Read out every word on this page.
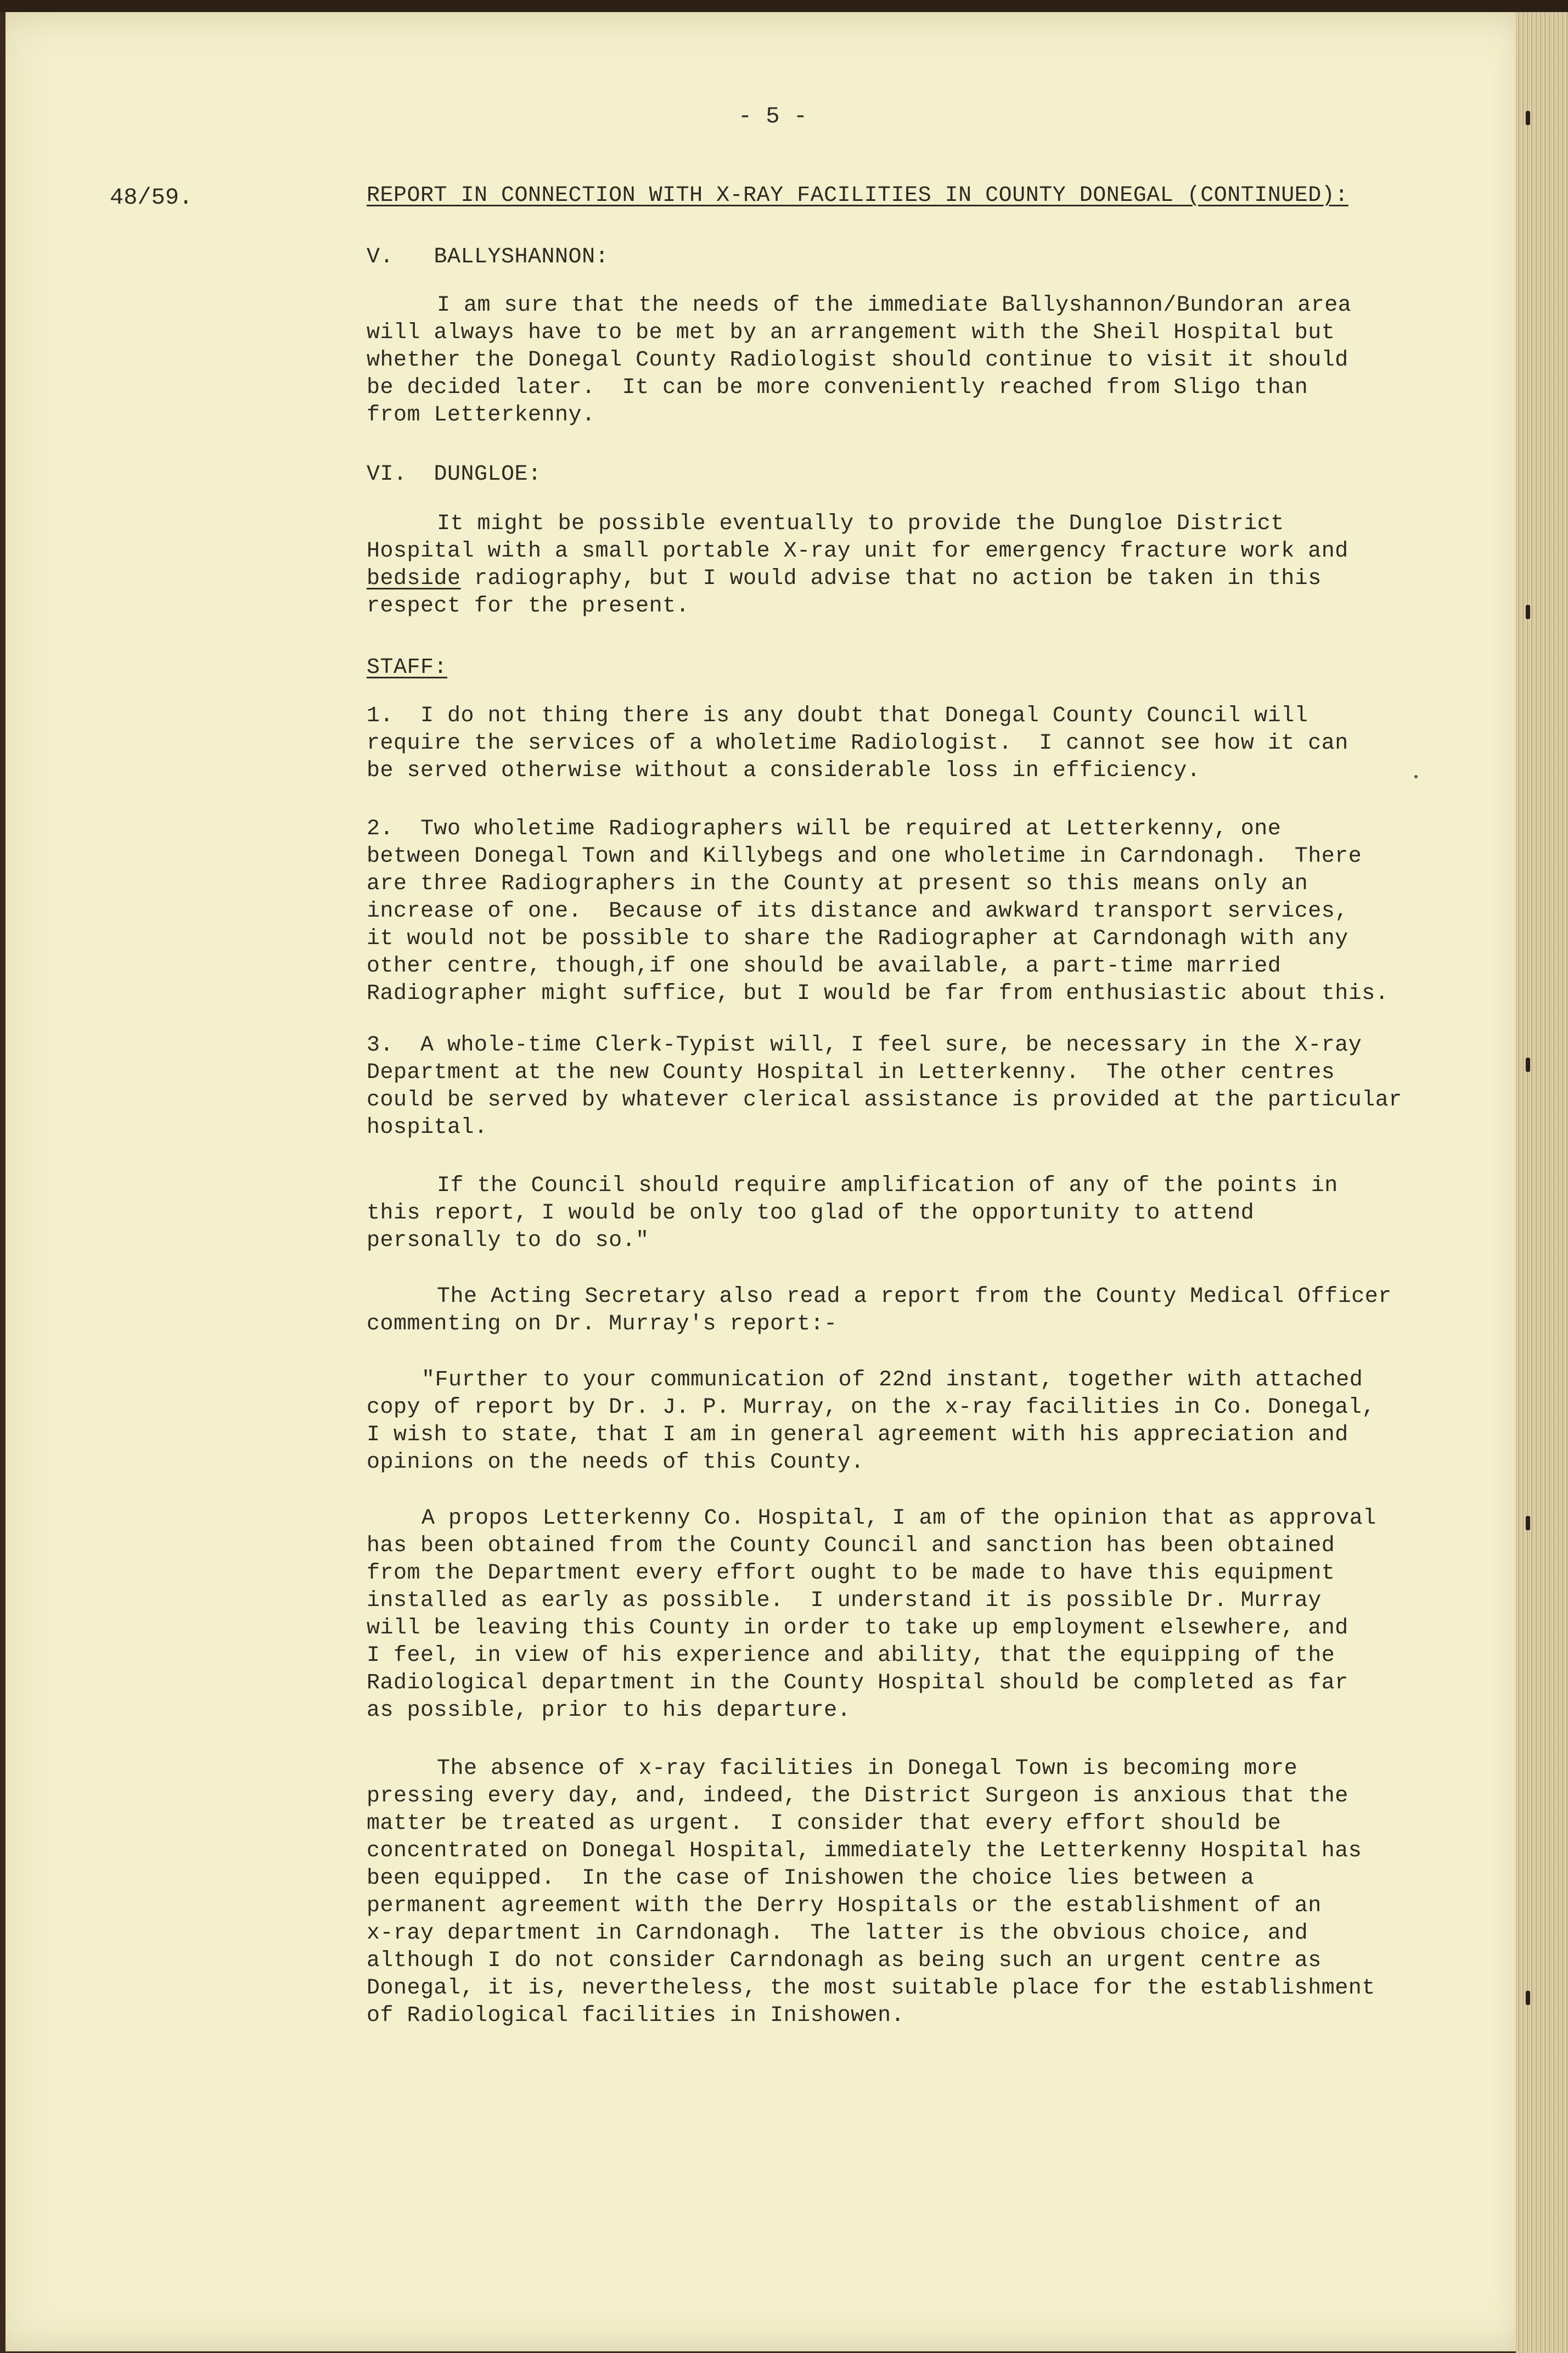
- 5 -
48/59.	REPORT IN CONNECTION WITH X-RAY FACILITIES IN COUNTY DONEGAL (CONTINUED):
V.   BALLYSHANNON:
I am sure that the needs of the immediate Ballyshannon/Bundoran area
will always have to be met by an arrangement with the Sheil Hospital but
whether the Donegal County Radiologist should continue to visit it should
be decided later.  It can be more conveniently reached from Sligo than
from Letterkenny.
VI.  DUNGLOE:
It might be possible eventually to provide the Dungloe District
Hospital with a small portable X-ray unit for emergency fracture work and
bedside radiography, but I would advise that no action be taken in this
respect for the present.
STAFF:
1.  I do not thing there is any doubt that Donegal County Council will
require the services of a wholetime Radiologist.  I cannot see how it can
be served otherwise without a considerable loss in efficiency.
2.  Two wholetime Radiographers will be required at Letterkenny, one
between Donegal Town and Killybegs and one wholetime in Carndonagh.  There
are three Radiographers in the County at present so this means only an
increase of one.  Because of its distance and awkward transport services,
it would not be possible to share the Radiographer at Carndonagh with any
other centre, though,if one should be available, a part-time married
Radiographer might suffice, but I would be far from enthusiastic about this.
3.  A whole-time Clerk-Typist will, I feel sure, be necessary in the X-ray
Department at the new County Hospital in Letterkenny.  The other centres
could be served by whatever clerical assistance is provided at the particular
hospital.
If the Council should require amplification of any of the points in
this report, I would be only too glad of the opportunity to attend
personally to do so."
The Acting Secretary also read a report from the County Medical Officer
commenting on Dr. Murray's report:-
"Further to your communication of 22nd instant, together with attached
copy of report by Dr. J. P. Murray, on the x-ray facilities in Co. Donegal,
I wish to state, that I am in general agreement with his appreciation and
opinions on the needs of this County.
A propos Letterkenny Co. Hospital, I am of the opinion that as approval
has been obtained from the County Council and sanction has been obtained
from the Department every effort ought to be made to have this equipment
installed as early as possible.  I understand it is possible Dr. Murray
will be leaving this County in order to take up employment elsewhere, and
I feel, in view of his experience and ability, that the equipping of the
Radiological department in the County Hospital should be completed as far
as possible, prior to his departure.
The absence of x-ray facilities in Donegal Town is becoming more
pressing every day, and, indeed, the District Surgeon is anxious that the
matter be treated as urgent.  I consider that every effort should be
concentrated on Donegal Hospital, immediately the Letterkenny Hospital has
been equipped.  In the case of Inishowen the choice lies between a
permanent agreement with the Derry Hospitals or the establishment of an
x-ray department in Carndonagh.  The latter is the obvious choice, and
although I do not consider Carndonagh as being such an urgent centre as
Donegal, it is, nevertheless, the most suitable place for the establishment
of Radiological facilities in Inishowen.
